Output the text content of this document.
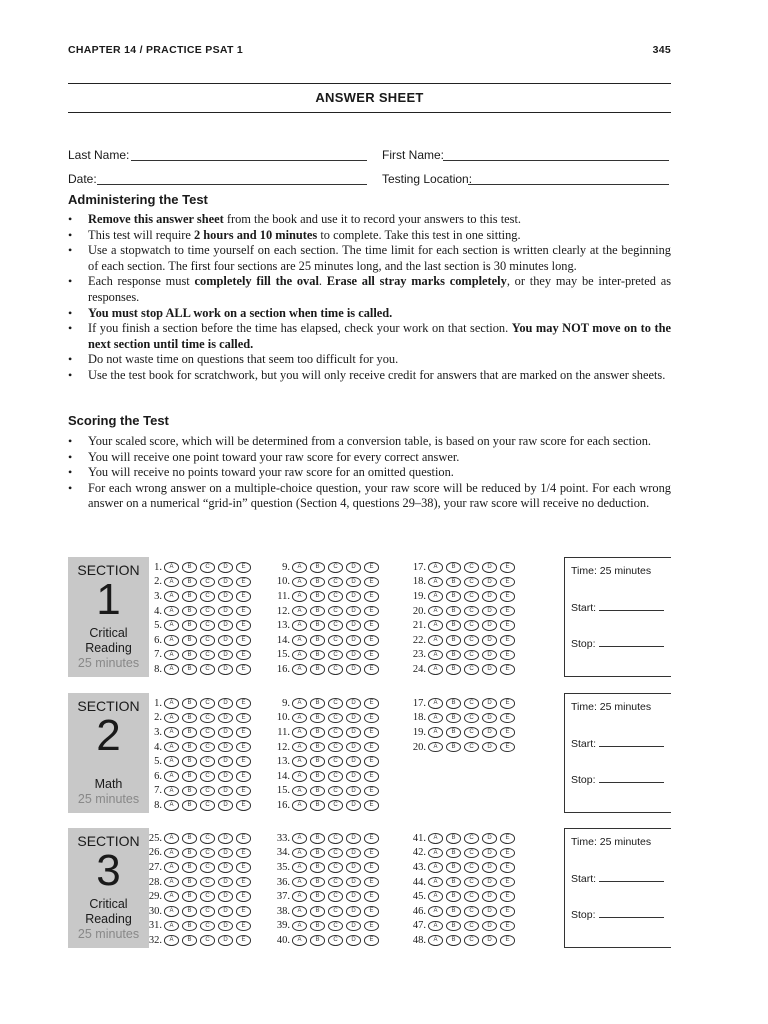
CHAPTER 14 / PRACTICE PSAT 1	345
ANSWER SHEET
Last Name:	First Name:
Date:	Testing Location:
Administering the Test
• Remove this answer sheet from the book and use it to record your answers to this test.
• This test will require 2 hours and 10 minutes to complete. Take this test in one sitting.
• Use a stopwatch to time yourself on each section. The time limit for each section is written clearly at the beginning of each section. The first four sections are 25 minutes long, and the last section is 30 minutes long.
• Each response must completely fill the oval. Erase all stray marks completely, or they may be inter-preted as responses.
• You must stop ALL work on a section when time is called.
• If you finish a section before the time has elapsed, check your work on that section. You may NOT move on to the next section until time is called.
• Do not waste time on questions that seem too difficult for you.
• Use the test book for scratchwork, but you will only receive credit for answers that are marked on the answer sheets.
Scoring the Test
• Your scaled score, which will be determined from a conversion table, is based on your raw score for each section.
• You will receive one point toward your raw score for every correct answer.
• You will receive no points toward your raw score for an omitted question.
• For each wrong answer on a multiple-choice question, your raw score will be reduced by 1/4 point. For each wrong answer on a numerical “grid-in” question (Section 4, questions 29–38), your raw score will receive no deduction.
SECTION
1
Critical
Reading
25 minutes
1.	A	B	C	D	E
2.	A	B	C	D	E
3.	A	B	C	D	E
4.	A	B	C	D	E
5.	A	B	C	D	E
6.	A	B	C	D	E
7.	A	B	C	D	E
8.	A	B	C	D	E
9.	A	B	C	D	E
10.	A	B	C	D	E
11.	A	B	C	D	E
12.	A	B	C	D	E
13.	A	B	C	D	E
14.	A	B	C	D	E
15.	A	B	C	D	E
16.	A	B	C	D	E
17.	A	B	C	D	E
18.	A	B	C	D	E
19.	A	B	C	D	E
20.	A	B	C	D	E
21.	A	B	C	D	E
22.	A	B	C	D	E
23.	A	B	C	D	E
24.	A	B	C	D	E
Time: 25 minutes
Start:
Stop:
SECTION
2
Math
25 minutes
1.	A	B	C	D	E
2.	A	B	C	D	E
3.	A	B	C	D	E
4.	A	B	C	D	E
5.	A	B	C	D	E
6.	A	B	C	D	E
7.	A	B	C	D	E
8.	A	B	C	D	E
9.	A	B	C	D	E
10.	A	B	C	D	E
11.	A	B	C	D	E
12.	A	B	C	D	E
13.	A	B	C	D	E
14.	A	B	C	D	E
15.	A	B	C	D	E
16.	A	B	C	D	E
17.	A	B	C	D	E
18.	A	B	C	D	E
19.	A	B	C	D	E
20.	A	B	C	D	E
Time: 25 minutes
Start:
Stop:
SECTION
3
Critical
Reading
25 minutes
25.	A	B	C	D	E
26.	A	B	C	D	E
27.	A	B	C	D	E
28.	A	B	C	D	E
29.	A	B	C	D	E
30.	A	B	C	D	E
31.	A	B	C	D	E
32.	A	B	C	D	E
33.	A	B	C	D	E
34.	A	B	C	D	E
35.	A	B	C	D	E
36.	A	B	C	D	E
37.	A	B	C	D	E
38.	A	B	C	D	E
39.	A	B	C	D	E
40.	A	B	C	D	E
41.	A	B	C	D	E
42.	A	B	C	D	E
43.	A	B	C	D	E
44.	A	B	C	D	E
45.	A	B	C	D	E
46.	A	B	C	D	E
47.	A	B	C	D	E
48.	A	B	C	D	E
Time: 25 minutes
Start:
Stop:
